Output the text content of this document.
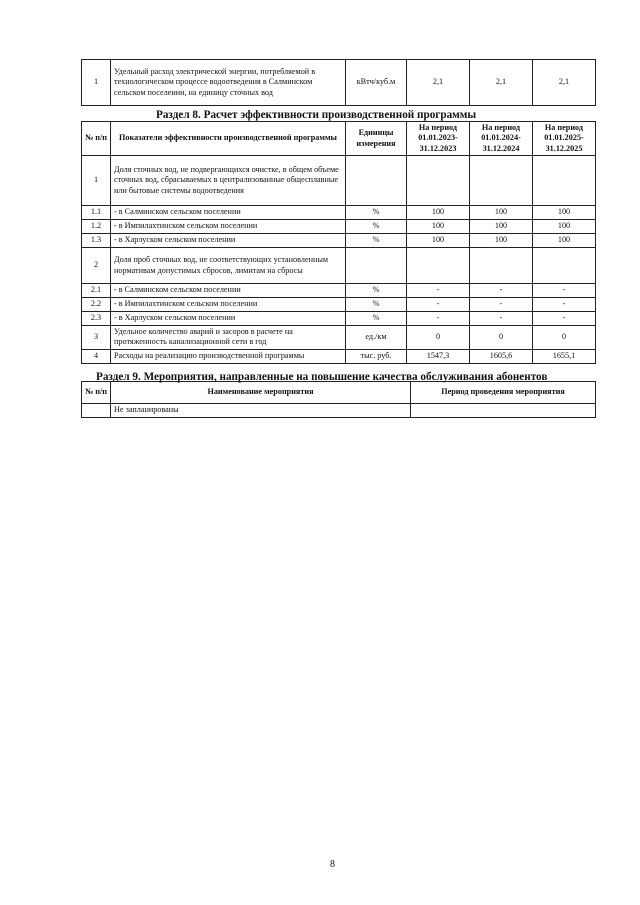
1	Удельный расход электрической энергии, потребляемой в технологическом процессе водоотведения в Салминском сельском поселении, на единицу сточных вод	кВтч/куб.м	2,1	2,1	2,1
Раздел 8. Расчет эффективности производственной программы
№ п/п	Показатели эффективности производственной программы	Единицы измерения	На период 01.01.2023-31.12.2023	На период 01.01.2024-31.12.2024	На период 01.01.2025-31.12.2025
1	Доля сточных вод, не подвергающихся очистке, в общем объеме сточных вод, сбрасываемых в централизованные общесплавные или бытовые системы водоотведения				
1.1	- в Салминском сельском поселении	%	100	100	100
1.2	- в Импилахтинском сельском поселении	%	100	100	100
1.3	- в Харлуском сельском поселении	%	100	100	100
2	Доля проб сточных вод, не соответствующих установленным нормативам допустимых сбросов, лимитам на сбросы				
2.1	- в Салминском сельском поселении	%	-	-	-
2.2	- в Импилахтинском сельском поселении	%	-	-	-
2.3	- в Харлуском сельском поселении	%	-	-	-
3	Удельное количество аварий и засоров в расчете на протяженность канализационной сети в год	ед./км	0	0	0
4	Расходы на реализацию производственной программы	тыс. руб.	1547,3	1605,6	1655,1
Раздел 9. Мероприятия, направленные на повышение качества обслуживания абонентов
№ п/п	Наименование мероприятия	Период проведения мероприятия
	Не запланированы	
8
